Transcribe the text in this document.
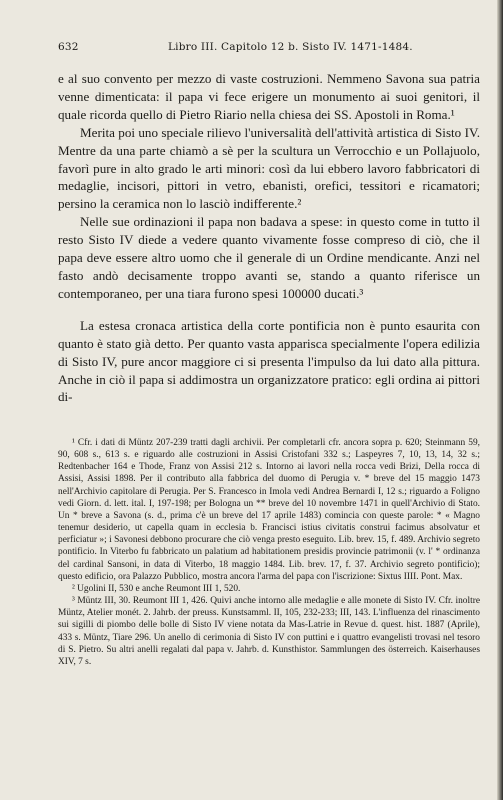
632	Libro III. Capitolo 12 b. Sisto IV. 1471-1484.

e al suo convento per mezzo di vaste costruzioni. Nemmeno Savona sua patria venne dimenticata: il papa vi fece erigere un monumento ai suoi genitori, il quale ricorda quello di Pietro Riario nella chiesa dei SS. Apostoli in Roma.¹

Merita poi uno speciale rilievo l'universalità dell'attività artistica di Sisto IV. Mentre da una parte chiamò a sè per la scultura un Verrocchio e un Pollajuolo, favorì pure in alto grado le arti minori: così da lui ebbero lavoro fabbricatori di medaglie, incisori, pittori in vetro, ebanisti, orefici, tessitori e ricamatori; persino la ceramica non lo lasciò indifferente.²

Nelle sue ordinazioni il papa non badava a spese: in questo come in tutto il resto Sisto IV diede a vedere quanto vivamente fosse compreso di ciò, che il papa deve essere altro uomo che il generale di un Ordine mendicante. Anzi nel fasto andò decisamente troppo avanti se, stando a quanto riferisce un contemporaneo, per una tiara furono spesi 100000 ducati.³

La estesa cronaca artistica della corte pontificia non è punto esaurita con quanto è stato già detto. Per quanto vasta apparisca specialmente l'opera edilizia di Sisto IV, pure ancor maggiore ci si presenta l'impulso da lui dato alla pittura. Anche in ciò il papa si addimostra un organizzatore pratico: egli ordina ai pittori di-

¹ Cfr. i dati di Müntz 207-239 tratti dagli archivii. Per completarli cfr. ancora sopra p. 620; Steinmann 59, 90, 608 s., 613 s. e riguardo alle costruzioni in Assisi Cristofani 332 s.; Laspeyres 7, 10, 13, 14, 32 s.; Redtenbacher 164 e Thode, Franz von Assisi 212 s. Intorno ai lavori nella rocca vedi Brizi, Della rocca di Assisi, Assisi 1898. Per il contributo alla fabbrica del duomo di Perugia v. * breve del 15 maggio 1473 nell'Archivio capitolare di Perugia. Per S. Francesco in Imola vedi Andrea Bernardi I, 12 s.; riguardo a Foligno vedi Giorn. d. lett. ital. I, 197-198; per Bologna un ** breve del 10 novembre 1471 in quell'Archivio di Stato. Un * breve a Savona (s. d., prima c'è un breve del 17 aprile 1483) comincia con queste parole: * « Magno tenemur desiderio, ut capella quam in ecclesia b. Francisci istius civitatis construi facimus absolvatur et perficiatur »; i Savonesi debbono procurare che ciò venga presto eseguito. Lib. brev. 15, f. 489. Archivio segreto pontificio. In Viterbo fu fabbricato un palatium ad habitationem presidis provincie patrimonii (v. l' * ordinanza del cardinal Sansoni, in data di Viterbo, 18 maggio 1484. Lib. brev. 17, f. 37. Archivio segreto pontificio); questo edificio, ora Palazzo Pubblico, mostra ancora l'arma del papa con l'iscrizione: Sixtus IIII. Pont. Max.

² Ugolini II, 530 e anche Reumont III 1, 520.

³ Müntz III, 30. Reumont III 1, 426. Quivi anche intorno alle medaglie e alle monete di Sisto IV. Cfr. inoltre Müntz, Atelier monét. 2. Jahrb. der preuss. Kunstsamml. II, 105, 232-233; III, 143. L'influenza del rinascimento sui sigilli di piombo delle bolle di Sisto IV viene notata da Mas-Latrie in Revue d. quest. hist. 1887 (Aprile), 433 s. Müntz, Tiare 296. Un anello di cerimonia di Sisto IV con puttini e i quattro evangelisti trovasi nel tesoro di S. Pietro. Su altri anelli regalati dal papa v. Jahrb. d. Kunsthistor. Sammlungen des österreich. Kaiserhauses XIV, 7 s.
